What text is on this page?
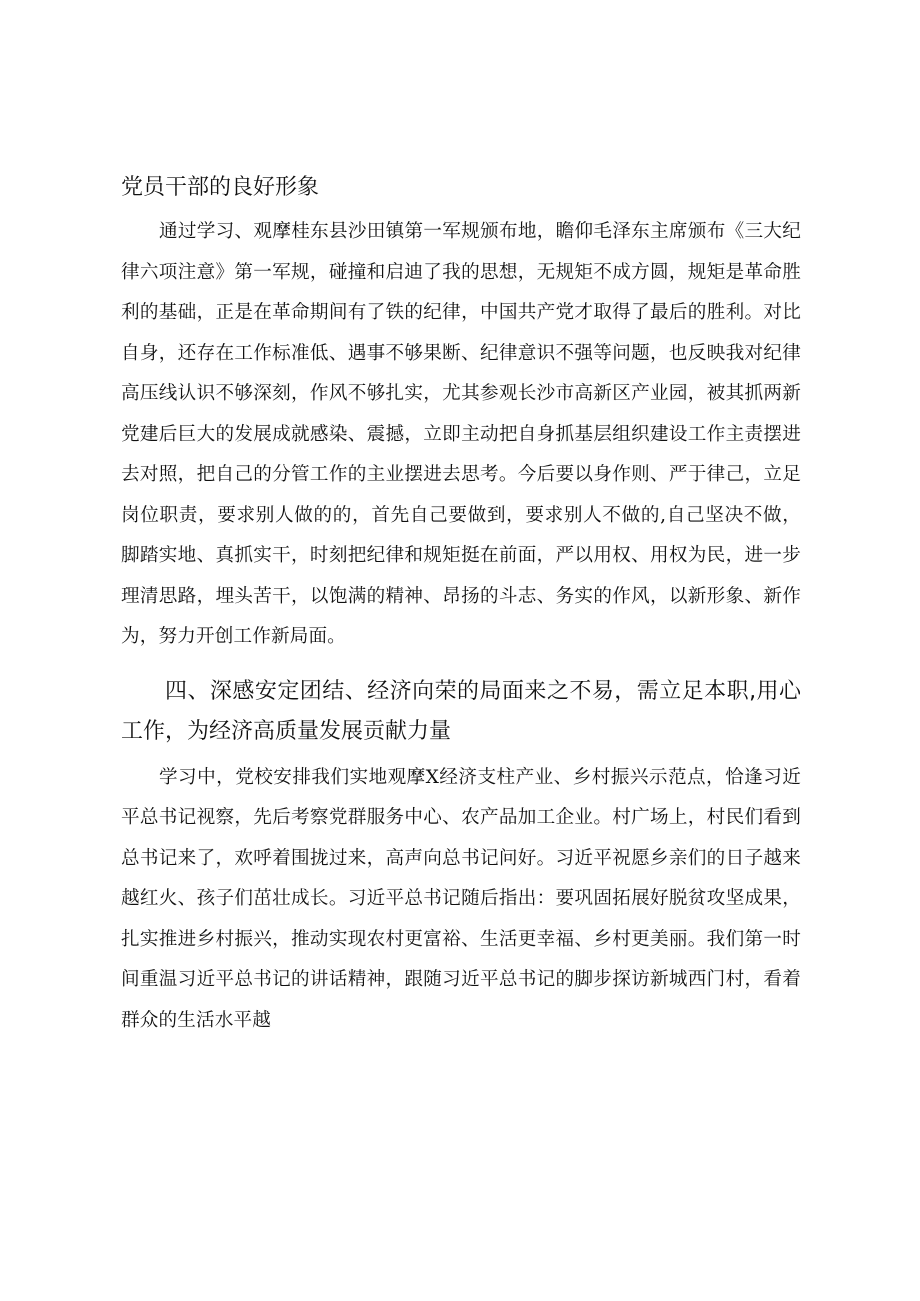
党员干部的良好形象

通过学习、观摩桂东县沙田镇第一军规颁布地，瞻仰毛泽东主席颁布《三大纪律六项注意》第一军规，碰撞和启迪了我的思想，无规矩不成方圆，规矩是革命胜利的基础，正是在革命期间有了铁的纪律，中国共产党才取得了最后的胜利。对比自身，还存在工作标准低、遇事不够果断、纪律意识不强等问题，也反映我对纪律高压线认识不够深刻，作风不够扎实，尤其参观长沙市高新区产业园，被其抓两新党建后巨大的发展成就感染、震撼，立即主动把自身抓基层组织建设工作主责摆进去对照，把自己的分管工作的主业摆进去思考。今后要以身作则、严于律己，立足岗位职责，要求别人做的的，首先自己要做到，要求别人不做的,自己坚决不做，脚踏实地、真抓实干，时刻把纪律和规矩挺在前面，严以用权、用权为民，进一步理清思路，埋头苦干，以饱满的精神、昂扬的斗志、务实的作风，以新形象、新作为，努力开创工作新局面。

四、深感安定团结、经济向荣的局面来之不易，需立足本职,用心工作，为经济高质量发展贡献力量

学习中，党校安排我们实地观摩X经济支柱产业、乡村振兴示范点，恰逢习近平总书记视察，先后考察党群服务中心、农产品加工企业。村广场上，村民们看到总书记来了，欢呼着围拢过来，高声向总书记问好。习近平祝愿乡亲们的日子越来越红火、孩子们茁壮成长。习近平总书记随后指出：要巩固拓展好脱贫攻坚成果，扎实推进乡村振兴，推动实现农村更富裕、生活更幸福、乡村更美丽。我们第一时间重温习近平总书记的讲话精神，跟随习近平总书记的脚步探访新城西门村，看着群众的生活水平越
